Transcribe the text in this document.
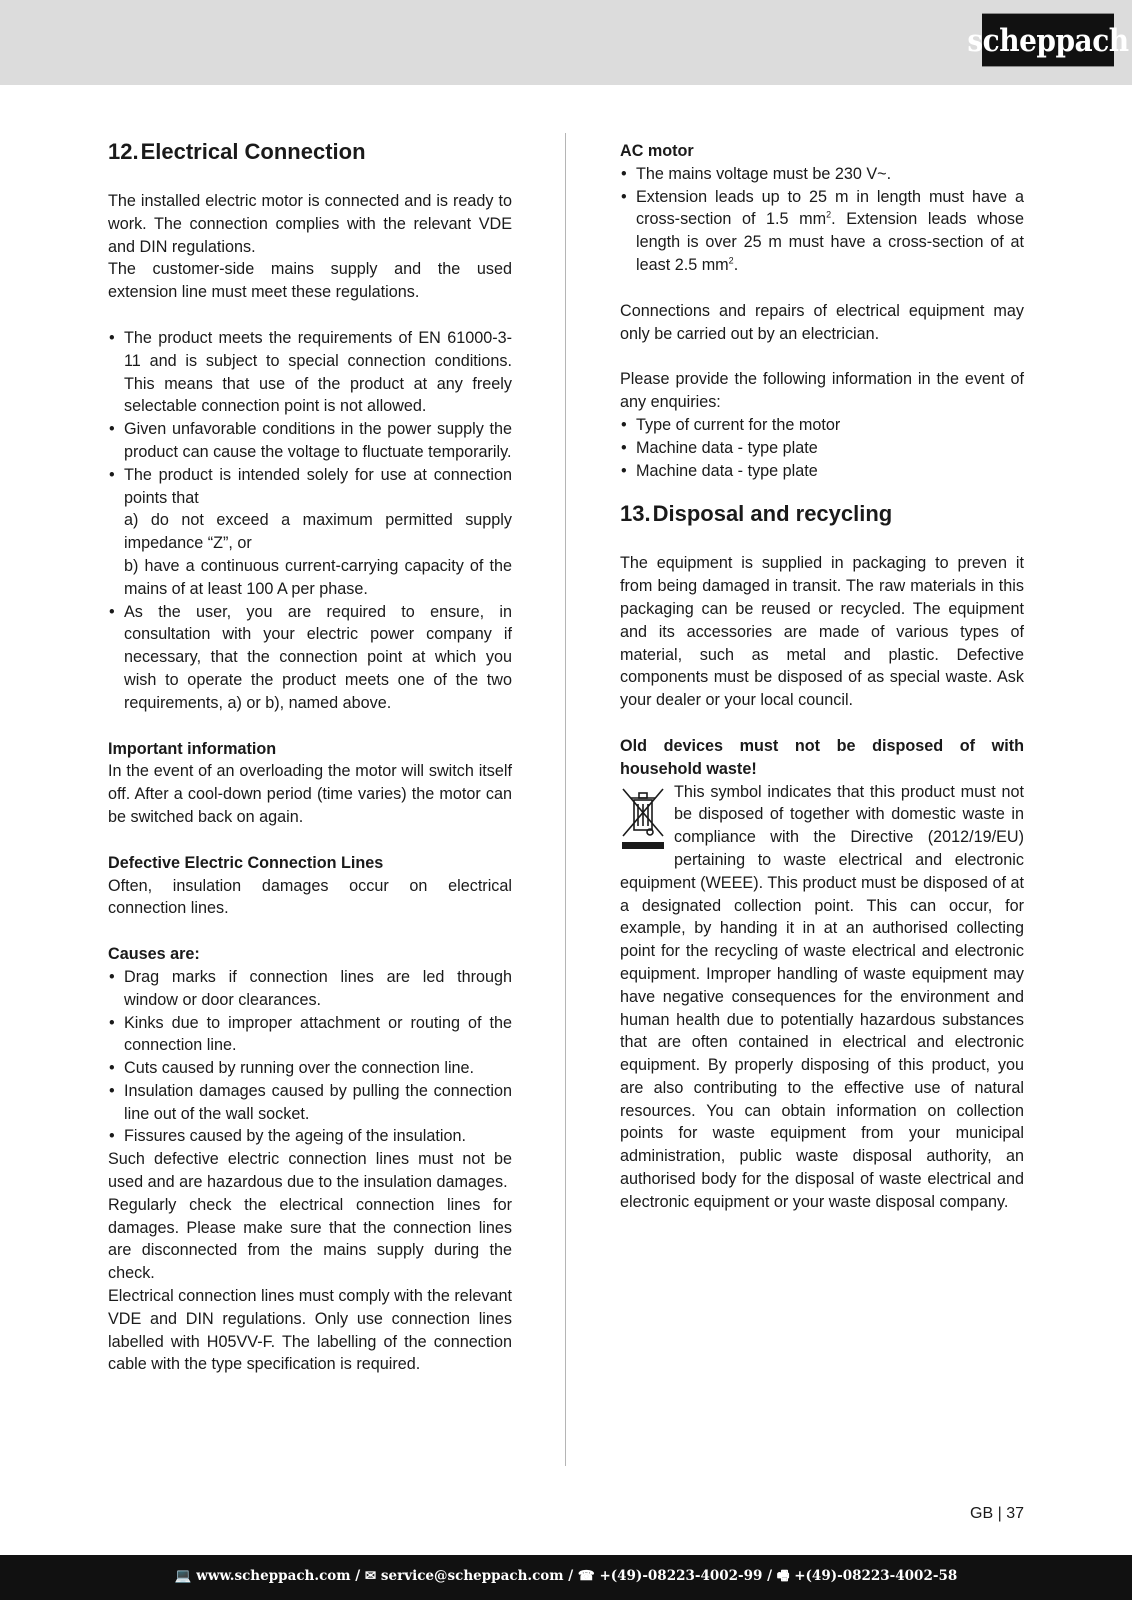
scheppach
12.Electrical Connection

The installed electric motor is connected and is ready to work. The connection complies with the relevant VDE and DIN regulations.

The customer-side mains supply and the used extension line must meet these regulations.

• The product meets the requirements of EN 61000-3-11 and is subject to special connection conditions. This means that use of the product at any freely selectable connection point is not allowed.
• Given unfavorable conditions in the power supply the product can cause the voltage to fluctuate temporarily.
• The product is intended solely for use at connection points that
a) do not exceed a maximum permitted supply impedance “Z”, or
b) have a continuous current-carrying capacity of the mains of at least 100 A per phase.
• As the user, you are required to ensure, in consultation with your electric power company if necessary, that the connection point at which you wish to operate the product meets one of the two requirements, a) or b), named above.

Important information

In the event of an overloading the motor will switch itself off. After a cool-down period (time varies) the motor can be switched back on again.

Defective Electric Connection Lines

Often, insulation damages occur on electrical connection lines.

Causes are:

• Drag marks if connection lines are led through window or door clearances.
• Kinks due to improper attachment or routing of the connection line.
• Cuts caused by running over the connection line.
• Insulation damages caused by pulling the connection line out of the wall socket.
• Fissures caused by the ageing of the insulation.

Such defective electric connection lines must not be used and are hazardous due to the insulation damages.

Regularly check the electrical connection lines for damages. Please make sure that the connection lines are disconnected from the mains supply during the check.

Electrical connection lines must comply with the relevant VDE and DIN regulations. Only use connection lines labelled with H05VV-F. The labelling of the connection cable with the type specification is required.

AC motor

• The mains voltage must be 230 V~.
• Extension leads up to 25 m in length must have a cross-section of 1.5 $mm^2$. Extension leads whose length is over 25 m must have a cross-section of at least 2.5 $mm^2$.

Connections and repairs of electrical equipment may only be carried out by an electrician.

Please provide the following information in the event of any enquiries:

• Type of current for the motor
• Machine data - type plate
• Machine data - type plate
13.Disposal and recycling

The equipment is supplied in packaging to preven it from being damaged in transit. The raw materials in this packaging can be reused or recycled. The equipment and its accessories are made of various types of material, such as metal and plastic. Defective components must be disposed of as special waste. Ask your dealer or your local council.

Old devices must not be disposed of with household waste!

This symbol indicates that this product must not be disposed of together with domestic waste in compliance with the Directive (2012/19/EU) pertaining to waste electrical and electronic equipment (WEEE). This product must be disposed of at a designated collection point. This can occur, for example, by handing it in at an authorised collecting point for the recycling of waste electrical and electronic equipment. Improper handling of waste equipment may have negative consequences for the environment and human health due to potentially hazardous substances that are often contained in electrical and electronic equipment. By properly disposing of this product, you are also contributing to the effective use of natural resources. You can obtain information on collection points for waste equipment from your municipal administration, public waste disposal authority, an authorised body for the disposal of waste electrical and electronic equipment or your waste disposal company.

GB | 37
💻 www.scheppach.com / ✉ service@scheppach.com / ☎ +(49)-08223-4002-99 / 🖷 +(49)-08223-4002-58
